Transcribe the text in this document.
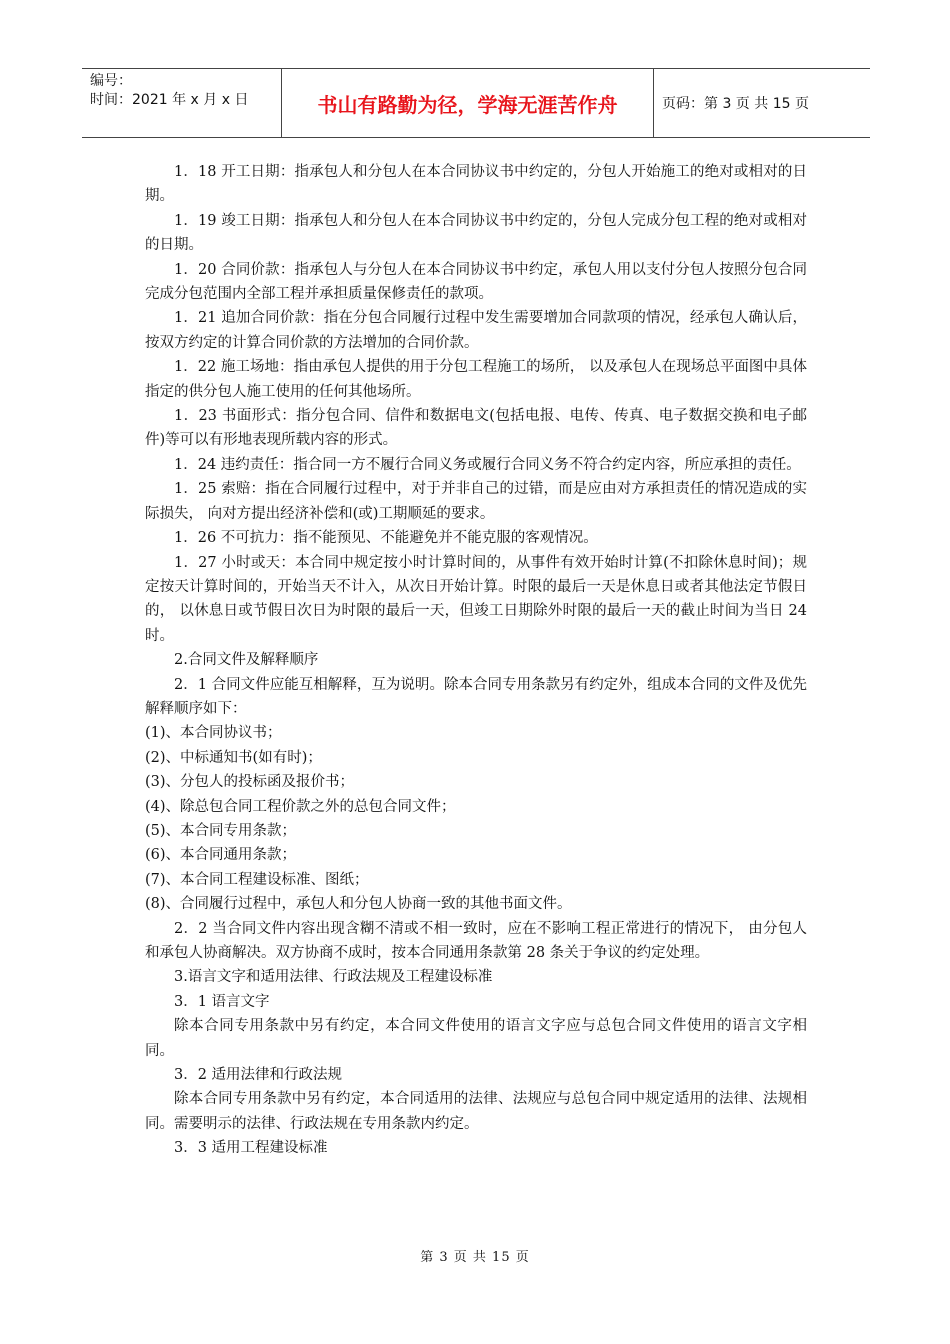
编号：
时间：2021 年 x 月 x 日	书山有路勤为径，学海无涯苦作舟	页码：第 3 页 共 15 页

1．18 开工日期：指承包人和分包人在本合同协议书中约定的，分包人开始施工的绝对或相对的日期。

1．19 竣工日期：指承包人和分包人在本合同协议书中约定的，分包人完成分包工程的绝对或相对的日期。

1．20 合同价款：指承包人与分包人在本合同协议书中约定，承包人用以支付分包人按照分包合同完成分包范围内全部工程并承担质量保修责任的款项。

1．21 追加合同价款：指在分包合同履行过程中发生需要增加合同款项的情况，经承包人确认后，按双方约定的计算合同价款的方法增加的合同价款。

1．22 施工场地：指由承包人提供的用于分包工程施工的场所， 以及承包人在现场总平面图中具体指定的供分包人施工使用的任何其他场所。

1．23 书面形式：指分包合同、信件和数据电文(包括电报、电传、传真、电子数据交换和电子邮件)等可以有形地表现所载内容的形式。

1．24 违约责任：指合同一方不履行合同义务或履行合同义务不符合约定内容，所应承担的责任。

1．25 索赔：指在合同履行过程中，对于并非自己的过错，而是应由对方承担责任的情况造成的实际损失， 向对方提出经济补偿和(或)工期顺延的要求。

1．26 不可抗力：指不能预见、不能避免并不能克服的客观情况。

1．27 小时或天：本合同中规定按小时计算时间的，从事件有效开始时计算(不扣除休息时间)；规定按天计算时间的，开始当天不计入，从次日开始计算。时限的最后一天是休息日或者其他法定节假日的， 以休息日或节假日次日为时限的最后一天，但竣工日期除外时限的最后一天的截止时间为当日 24 时。

2.合同文件及解释顺序

2．1 合同文件应能互相解释，互为说明。除本合同专用条款另有约定外，组成本合同的文件及优先解释顺序如下：

(1)、本合同协议书；

(2)、中标通知书(如有时)；

(3)、分包人的投标函及报价书；

(4)、除总包合同工程价款之外的总包合同文件；

(5)、本合同专用条款；

(6)、本合同通用条款；

(7)、本合同工程建设标准、图纸；

(8)、合同履行过程中，承包人和分包人协商一致的其他书面文件。

2．2 当合同文件内容出现含糊不清或不相一致时，应在不影响工程正常进行的情况下， 由分包人和承包人协商解决。双方协商不成时，按本合同通用条款第 28 条关于争议的约定处理。

3.语言文字和适用法律、行政法规及工程建设标准

3．1 语言文字

除本合同专用条款中另有约定，本合同文件使用的语言文字应与总包合同文件使用的语言文字相同。

3．2 适用法律和行政法规

除本合同专用条款中另有约定，本合同适用的法律、法规应与总包合同中规定适用的法律、法规相同。需要明示的法律、行政法规在专用条款内约定。

3．3 适用工程建设标准

第 3 页 共 15 页
